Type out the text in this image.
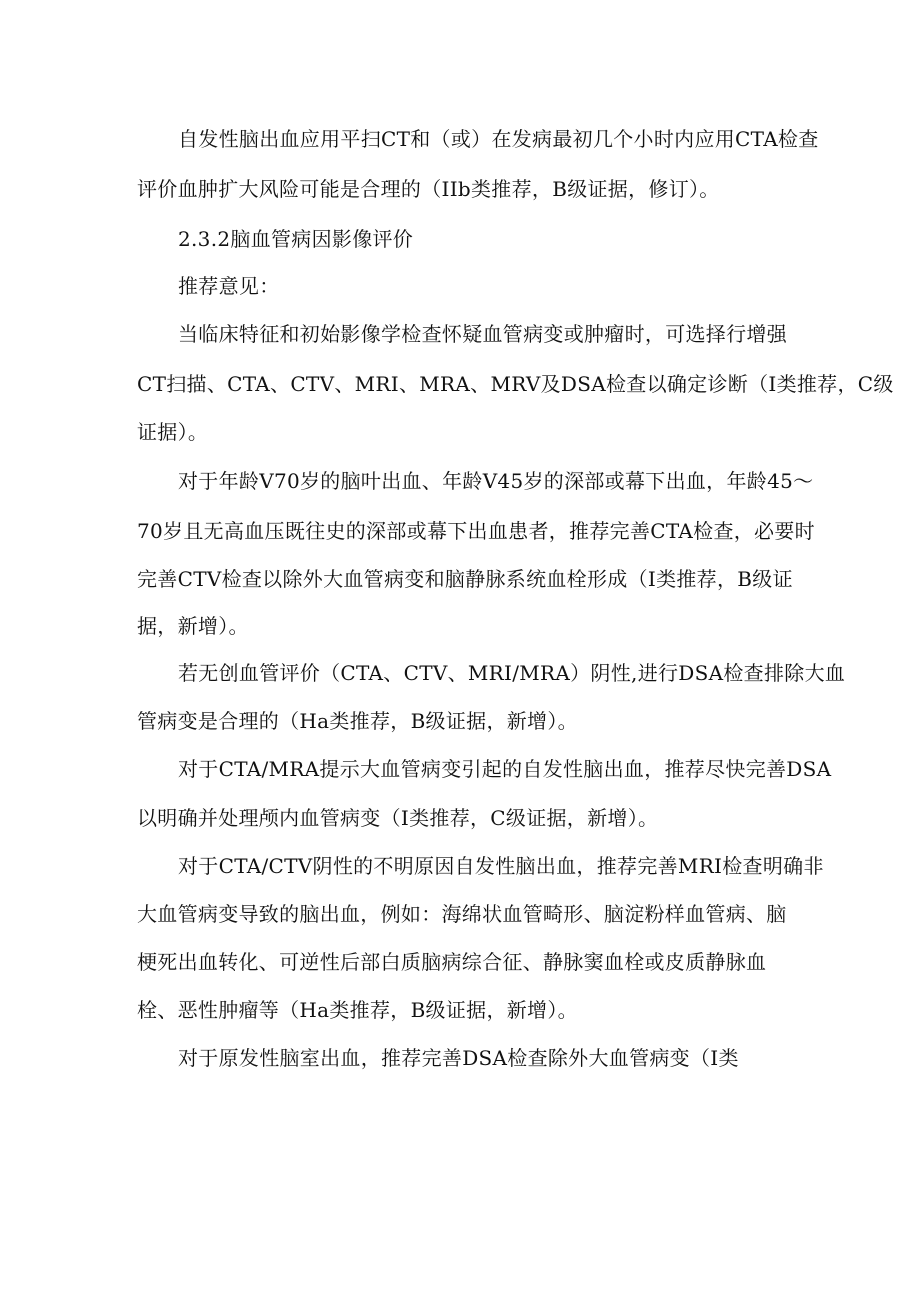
自发性脑出血应用平扫CT和（或）在发病最初几个小时内应用CTA检查

评价血肿扩大风险可能是合理的（IIb类推荐，B级证据，修订）。

2.3.2脑血管病因影像评价

推荐意见：

当临床特征和初始影像学检查怀疑血管病变或肿瘤时，可选择行增强

CT扫描、CTA、CTV、MRI、MRA、MRV及DSA检查以确定诊断（I类推荐，C级

证据）。

对于年龄V70岁的脑叶出血、年龄V45岁的深部或幕下出血，年龄45～

70岁且无高血压既往史的深部或幕下出血患者，推荐完善CTA检查，必要时

完善CTV检查以除外大血管病变和脑静脉系统血栓形成（I类推荐，B级证

据，新增）。

若无创血管评价（CTA、CTV、MRI/MRA）阴性,进行DSA检查排除大血

管病变是合理的（Ha类推荐，B级证据，新增）。

对于CTA/MRA提示大血管病变引起的自发性脑出血，推荐尽快完善DSA

以明确并处理颅内血管病变（I类推荐，C级证据，新增）。

对于CTA/CTV阴性的不明原因自发性脑出血，推荐完善MRI检查明确非

大血管病变导致的脑出血，例如：海绵状血管畸形、脑淀粉样血管病、脑

梗死出血转化、可逆性后部白质脑病综合征、静脉窦血栓或皮质静脉血

栓、恶性肿瘤等（Ha类推荐，B级证据，新增）。

对于原发性脑室出血，推荐完善DSA检查除外大血管病变（I类
